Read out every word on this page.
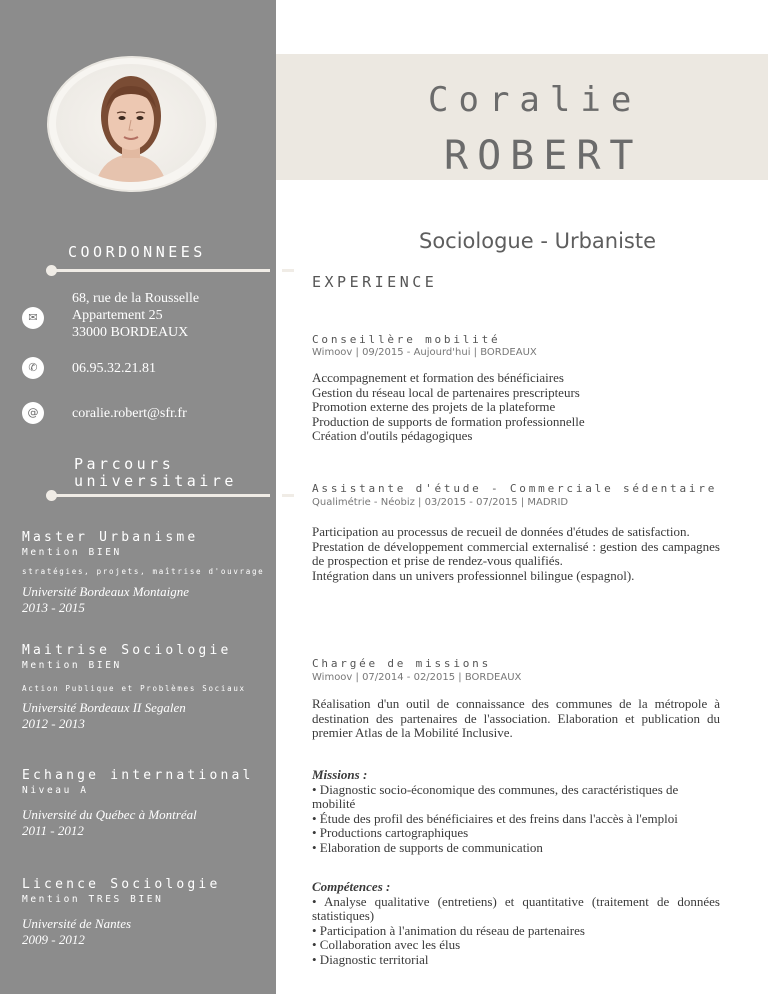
Coralie
ROBERT
Sociologue - Urbaniste
COORDONNEES
✉
68, rue de la Rousselle
Appartement 25
33000 BORDEAUX
✆	06.95.32.21.81
@	coralie.robert@sfr.fr
Parcours
universitaire
Master Urbanisme
Mention BIEN
stratégies, projets, maîtrise d'ouvrage
Université Bordeaux Montaigne
2013 - 2015
Maitrise Sociologie
Mention BIEN
Action Publique et Problèmes Sociaux
Université Bordeaux II Segalen
2012 - 2013
Echange international
Niveau A
Université du Québec à Montréal
2011 - 2012
Licence Sociologie
Mention TRES BIEN
Université de Nantes
2009 - 2012
EXPERIENCE
Conseillère mobilité
Wimoov | 09/2015 - Aujourd'hui | BORDEAUX
Accompagnement et formation des bénéficiaires
Gestion du réseau local de partenaires prescripteurs
Promotion externe des projets de la plateforme
Production de supports de formation professionnelle
Création d'outils pédagogiques
Assistante d'étude - Commerciale sédentaire
Qualimétrie - Néobiz | 03/2015 - 07/2015 | MADRID
Participation au processus de recueil de données d'études de satisfaction.
Prestation de développement commercial externalisé : gestion des campagnes de prospection et prise de rendez-vous qualifiés.
Intégration dans un univers professionnel bilingue (espagnol).
Chargée de missions
Wimoov | 07/2014 - 02/2015 | BORDEAUX
Réalisation d'un outil de connaissance des communes de la métropole à destination des partenaires de l'association. Elaboration et publication du premier Atlas de la Mobilité Inclusive.
Missions :
• Diagnostic socio-économique des communes, des caractéristiques de mobilité
• Étude des profil des bénéficiaires et des freins dans l'accès à l'emploi
• Productions cartographiques
• Elaboration de supports de communication
Compétences :
• Analyse qualitative (entretiens) et quantitative (traitement de données statistiques)
• Participation à l'animation du réseau de partenaires
• Collaboration avec les élus
• Diagnostic territorial
